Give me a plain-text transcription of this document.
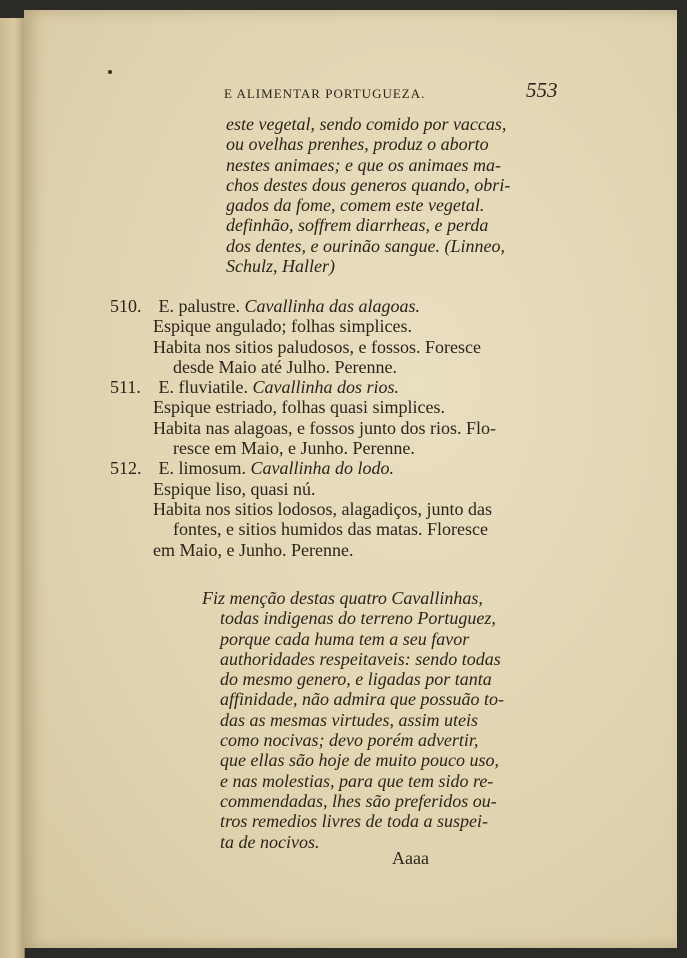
E ALIMENTAR PORTUGUEZA.	553
este vegetal, sendo comido por vaccas,
ou ovelhas prenhes, produz o aborto
nestes animaes; e que os animaes ma-
chos destes dous generos quando, obri-
gados da fome, comem este vegetal.
definhão, soffrem diarrheas, e perda
dos dentes, e ourinão sangue. (Linneo,
Schulz, Haller)
510. E. palustre. Cavallinha das alagoas.
Espique angulado; folhas simplices.
Habita nos sitios paludosos, e fossos. Foresce
desde Maio até Julho. Perenne.
511. E. fluviatile. Cavallinha dos rios.
Espique estriado, folhas quasi simplices.
Habita nas alagoas, e fossos junto dos rios. Flo-
resce em Maio, e Junho. Perenne.
512. E. limosum. Cavallinha do lodo.
Espique liso, quasi nú.
Habita nos sitios lodosos, alagadiços, junto das
fontes, e sitios humidos das matas. Floresce
em Maio, e Junho. Perenne.
Fiz menção destas quatro Cavallinhas,
todas indigenas do terreno Portuguez,
porque cada huma tem a seu favor
authoridades respeitaveis: sendo todas
do mesmo genero, e ligadas por tanta
affinidade, não admira que possuão to-
das as mesmas virtudes, assim uteis
como nocivas; devo porém advertir,
que ellas são hoje de muito pouco uso,
e nas molestias, para que tem sido re-
commendadas, lhes são preferidos ou-
tros remedios livres de toda a suspei-
ta de nocivos.
Aaaa
